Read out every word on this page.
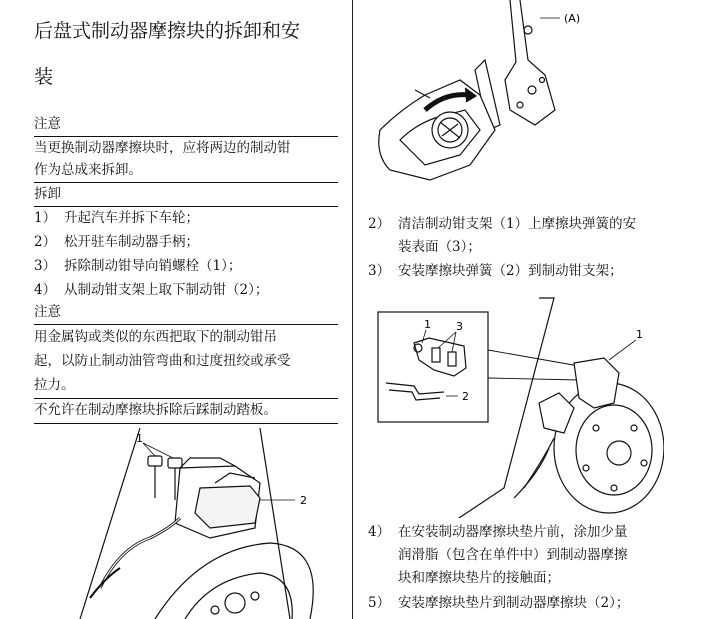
后盘式制动器摩擦块的拆卸和安
装
注意
当更换制动器摩擦块时，应将两边的制动钳
作为总成来拆卸。
拆卸
1） 升起汽车并拆下车轮；
2） 松开驻车制动器手柄；
3） 拆除制动钳导向销螺栓（1）；
4） 从制动钳支架上取下制动钳（2）；
注意
用金属钩或类似的东西把取下的制动钳吊
起，以防止制动油管弯曲和过度扭绞或承受
拉力。
不允许在制动摩擦块拆除后踩制动踏板。
1
2
(A)
2） 清洁制动钳支架（1）上摩擦块弹簧的安
装表面（3）；
3） 安装摩擦块弹簧（2）到制动钳支架；
1 3
2
1
4） 在安装制动器摩擦块垫片前，涂加少量
润滑脂（包含在单件中）到制动器摩擦
块和摩擦块垫片的接触面；
5） 安装摩擦块垫片到制动器摩擦块（2）；
